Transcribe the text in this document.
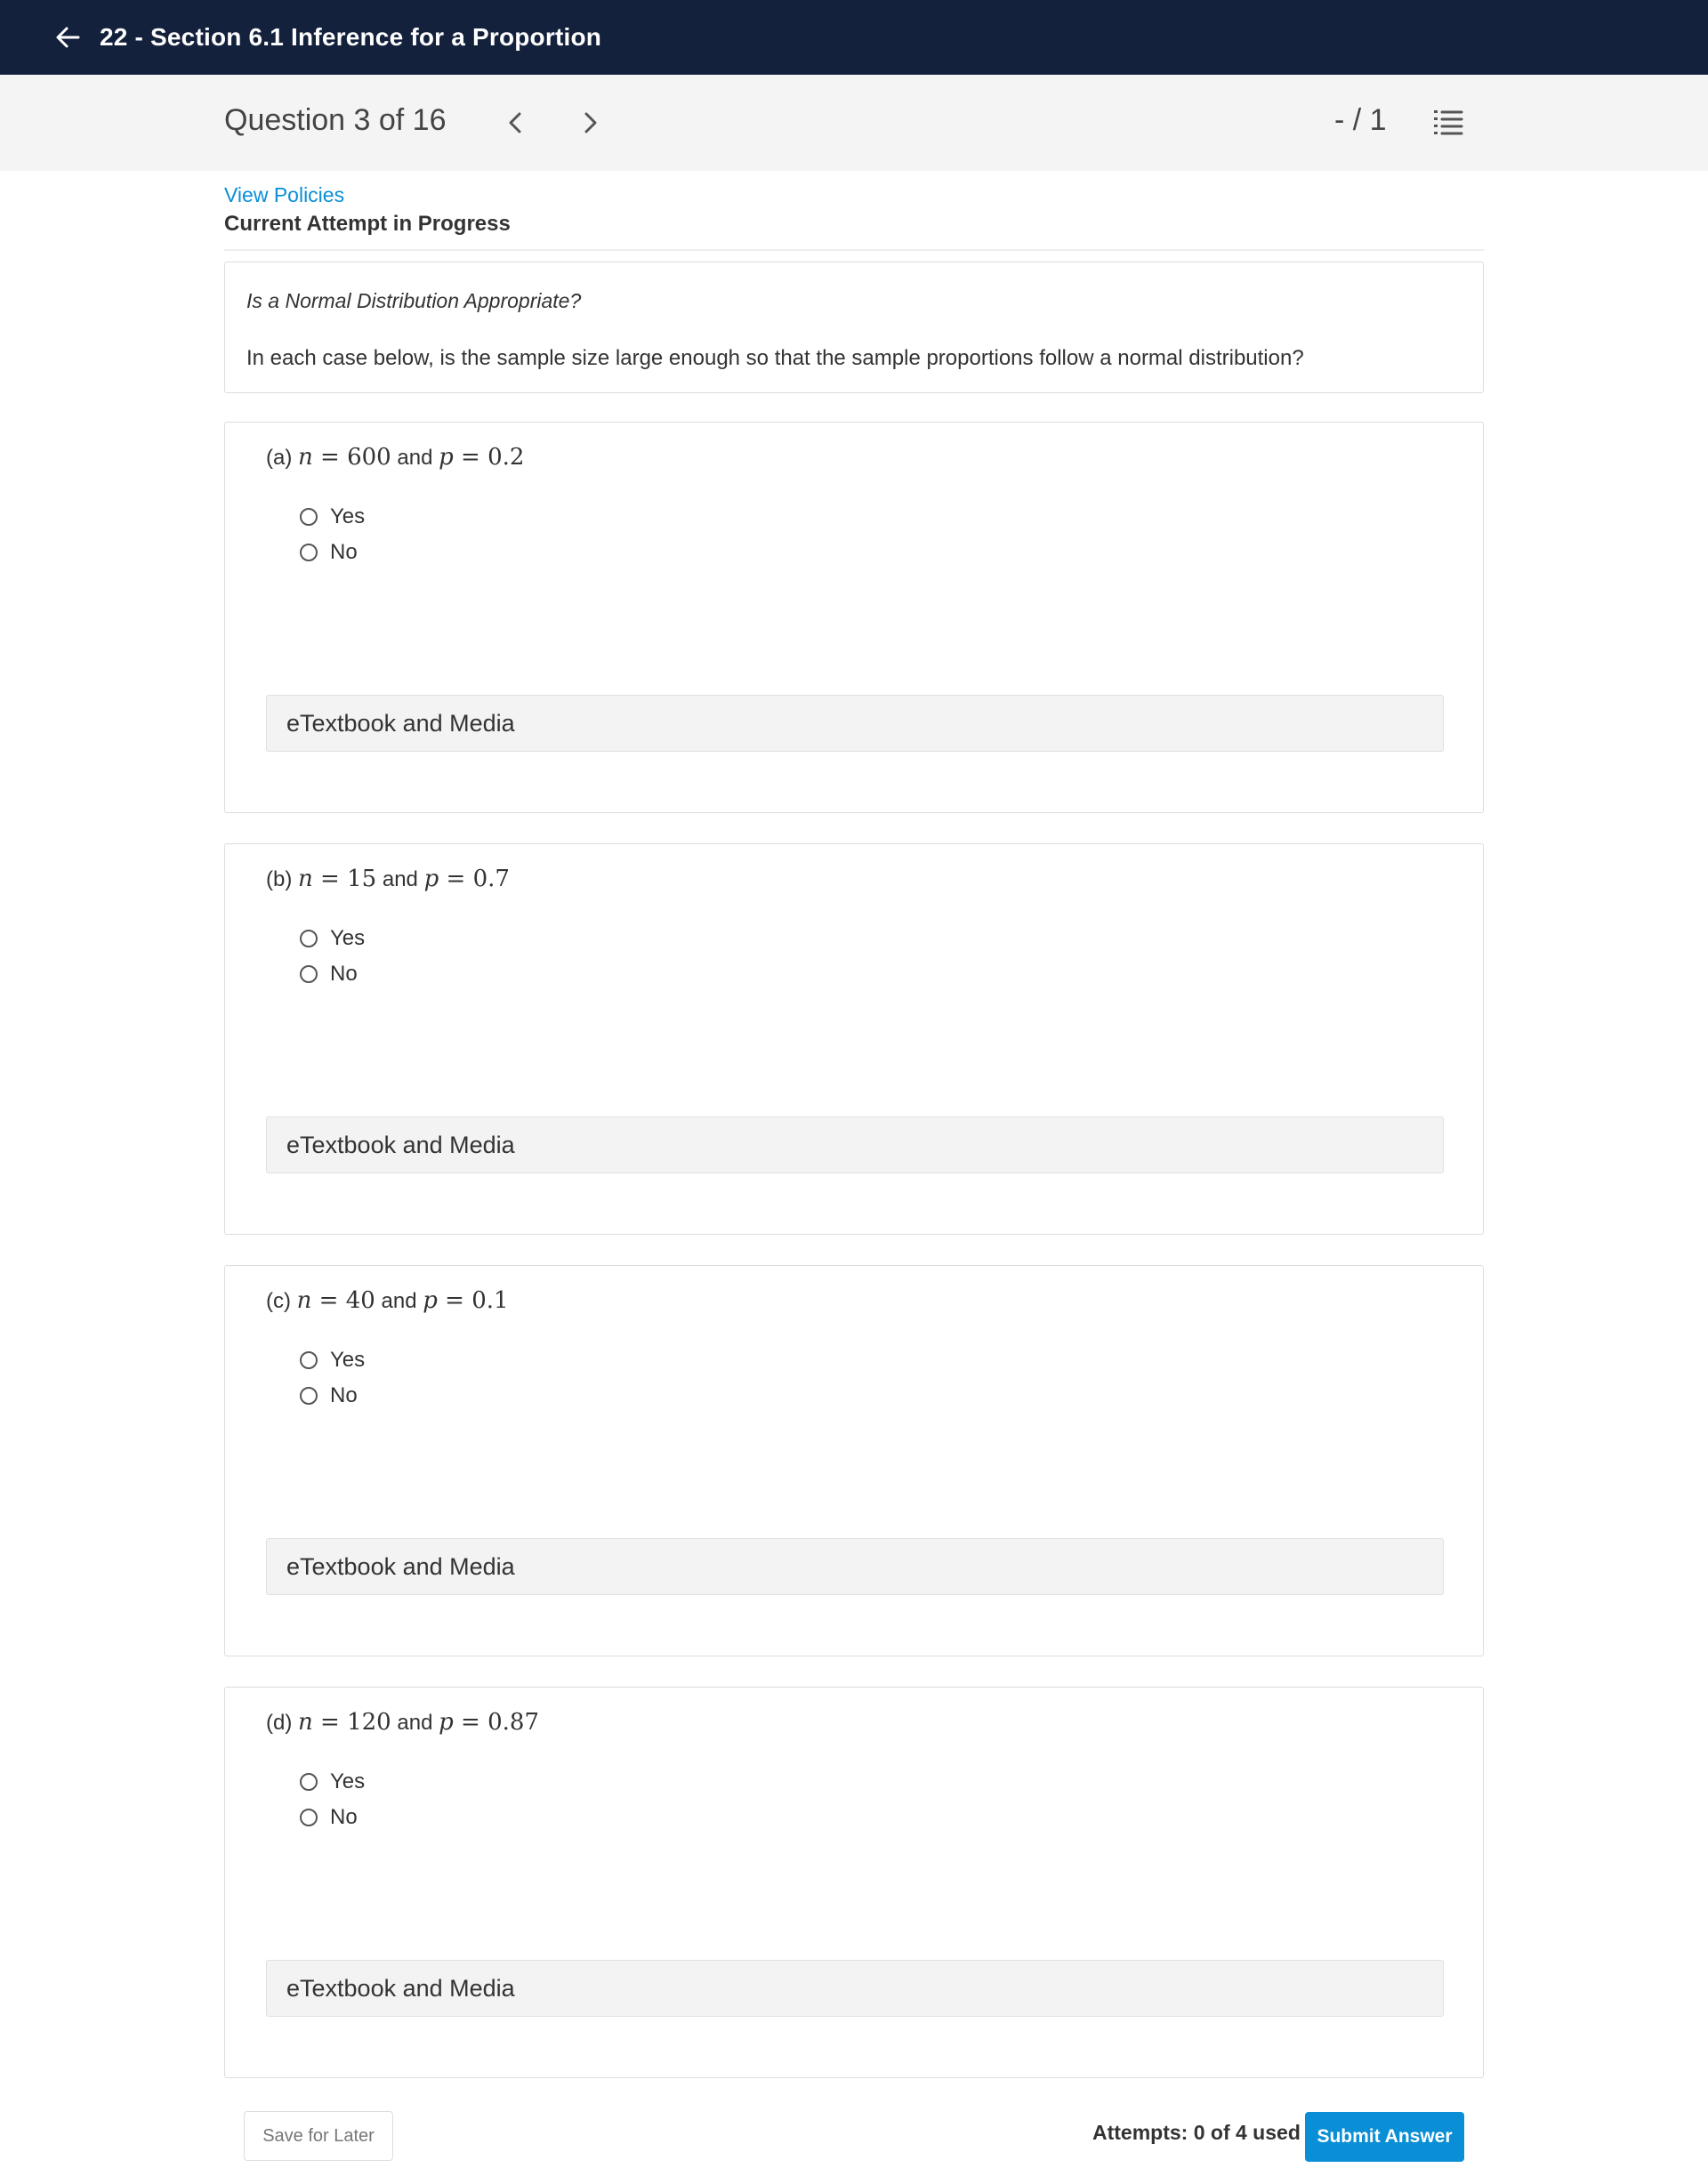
22 - Section 6.1 Inference for a Proportion
Question 3 of 16	- / 1
View Policies
Current Attempt in Progress
Is a Normal Distribution Appropriate?
In each case below, is the sample size large enough so that the sample proportions follow a normal distribution?
(a) n = 600 and p = 0.2
Yes
No
eTextbook and Media
(b) n = 15 and p = 0.7
Yes
No
eTextbook and Media
(c) n = 40 and p = 0.1
Yes
No
eTextbook and Media
(d) n = 120 and p = 0.87
Yes
No
eTextbook and Media
Save for Later	Attempts: 0 of 4 used Submit Answer
